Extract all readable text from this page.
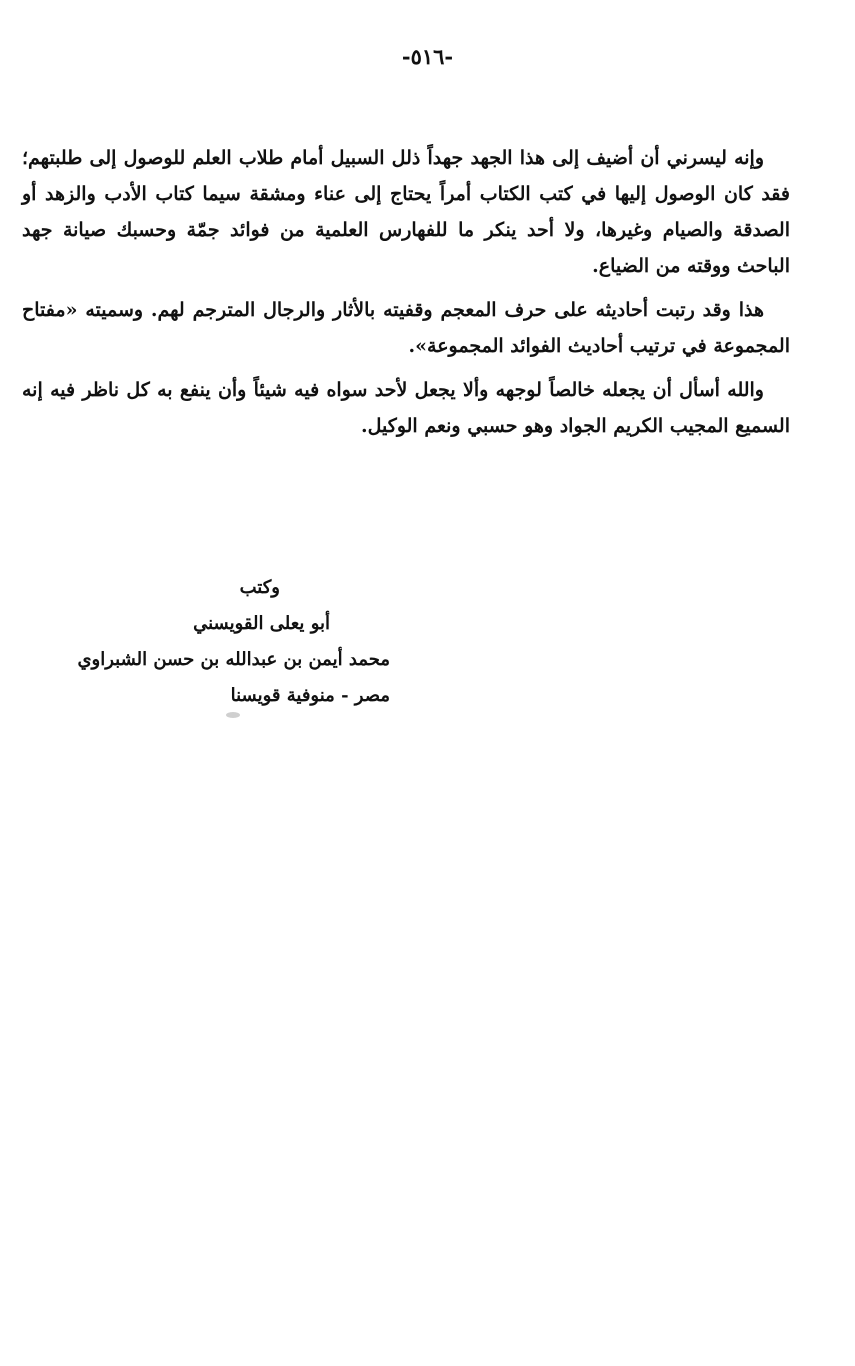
-٥١٦-

وإنه ليسرني أن أضيف إلى هذا الجهد جهداً ذلل السبيل أمام طلاب العلم للوصول إلى طلبتهم؛ فقد كان الوصول إليها في كتب الكتاب أمراً يحتاج إلى عناء ومشقة سيما كتاب الأدب والزهد أو الصدقة والصيام وغيرها، ولا أحد ينكر ما للفهارس العلمية من فوائد جمّة وحسبك صيانة جهد الباحث ووقته من الضياع.

هذا وقد رتبت أحاديثه على حرف المعجم وقفيته بالأثار والرجال المترجم لهم. وسميته «مفتاح المجموعة في ترتيب أحاديث الفوائد المجموعة».

والله أسأل أن يجعله خالصاً لوجهه وألا يجعل لأحد سواه فيه شيئاً وأن ينفع به كل ناظر فيه إنه السميع المجيب الكريم الجواد وهو حسبي ونعم الوكيل.

وكتب
أبو يعلى القويسني
محمد أيمن بن عبدالله بن حسن الشبراوي
مصر - منوفية قويسنا
